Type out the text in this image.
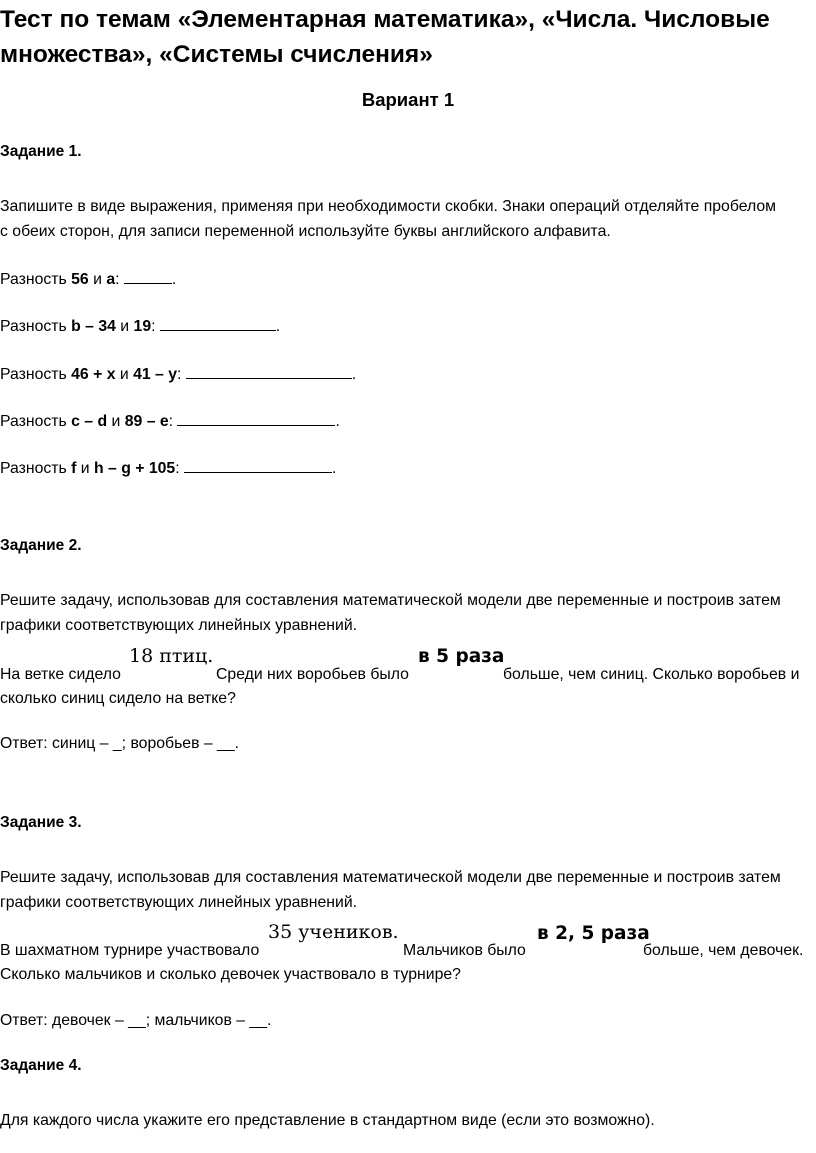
Тест по темам «Элементарная математика», «Числа. Числовые
множества», «Системы счисления»
Вариант 1
Задание 1.
Запишите в виде выражения, применяя при необходимости скобки. Знаки операций отделяйте пробелом
с обеих сторон, для записи переменной используйте буквы английского алфавита.
Разность 56 и a:	.
Разность b – 34 и 19:	.
Разность 46 + x и 41 – y:	.
Разность c – d и 89 – e:	.
Разность f и h – g + 105:	.
Задание 2.
Решите задачу, использовав для составления математической модели две переменные и построив затем
графики соответствующих линейных уравнений.
На ветке сидело
18 птиц.
Среди них воробьев было
в 5 раза
больше, чем синиц. Сколько воробьев и
сколько синиц сидело на ветке?
Ответ: синиц – _; воробьев – __.
Задание 3.
Решите задачу, использовав для составления математической модели две переменные и построив затем
графики соответствующих линейных уравнений.
В шахматном турнире участвовало
35 учеников.
Мальчиков было
в 2, 5 раза
больше, чем девочек.
Сколько мальчиков и сколько девочек участвовало в турнире?
Ответ: девочек – __; мальчиков – __.
Задание 4.
Для каждого числа укажите его представление в стандартном виде (если это возможно).
